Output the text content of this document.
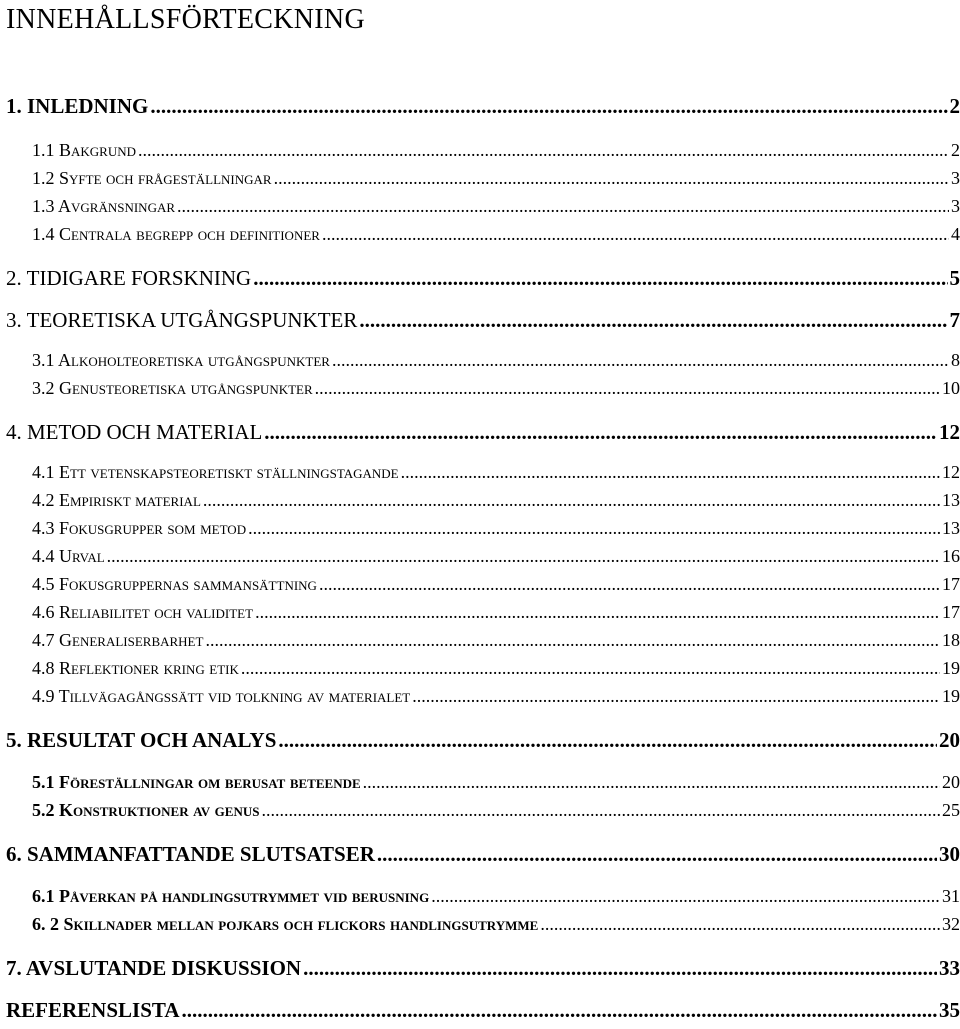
INNEHÅLLSFÖRTECKNING
1. INLEDNING .....	2
1.1 Bakgrund .....	2
1.2 Syfte och frågeställningar .....	3
1.3 Avgränsningar .....	3
1.4 Centrala begrepp och definitioner .....	4
2. TIDIGARE FORSKNING .....	5
3. TEORETISKA UTGÅNGSPUNKTER .....	7
3.1 Alkoholteoretiska utgångspunkter .....	8
3.2 Genusteoretiska utgångspunkter .....	10
4. METOD OCH MATERIAL .....	12
4.1 Ett vetenskapsteoretiskt ställningstagande .....	12
4.2 Empiriskt material .....	13
4.3 Fokusgrupper som metod .....	13
4.4 Urval .....	16
4.5 Fokusgruppernas sammansättning .....	17
4.6 Reliabilitet och validitet .....	17
4.7 Generaliserbarhet .....	18
4.8 Reflektioner kring etik .....	19
4.9 Tillvägagångssätt vid tolkning av materialet .....	19
5. RESULTAT OCH ANALYS .....	20
5.1 Föreställningar om berusat beteende .....	20
5.2 Konstruktioner av genus .....	25
6. SAMMANFATTANDE SLUTSATSER .....	30
6.1 Påverkan på handlingsutrymmet vid berusning .....	31
6. 2 Skillnader mellan pojkars och flickors handlingsutrymme .....	32
7. AVSLUTANDE DISKUSSION .....	33
REFERENSLISTA .....	35
